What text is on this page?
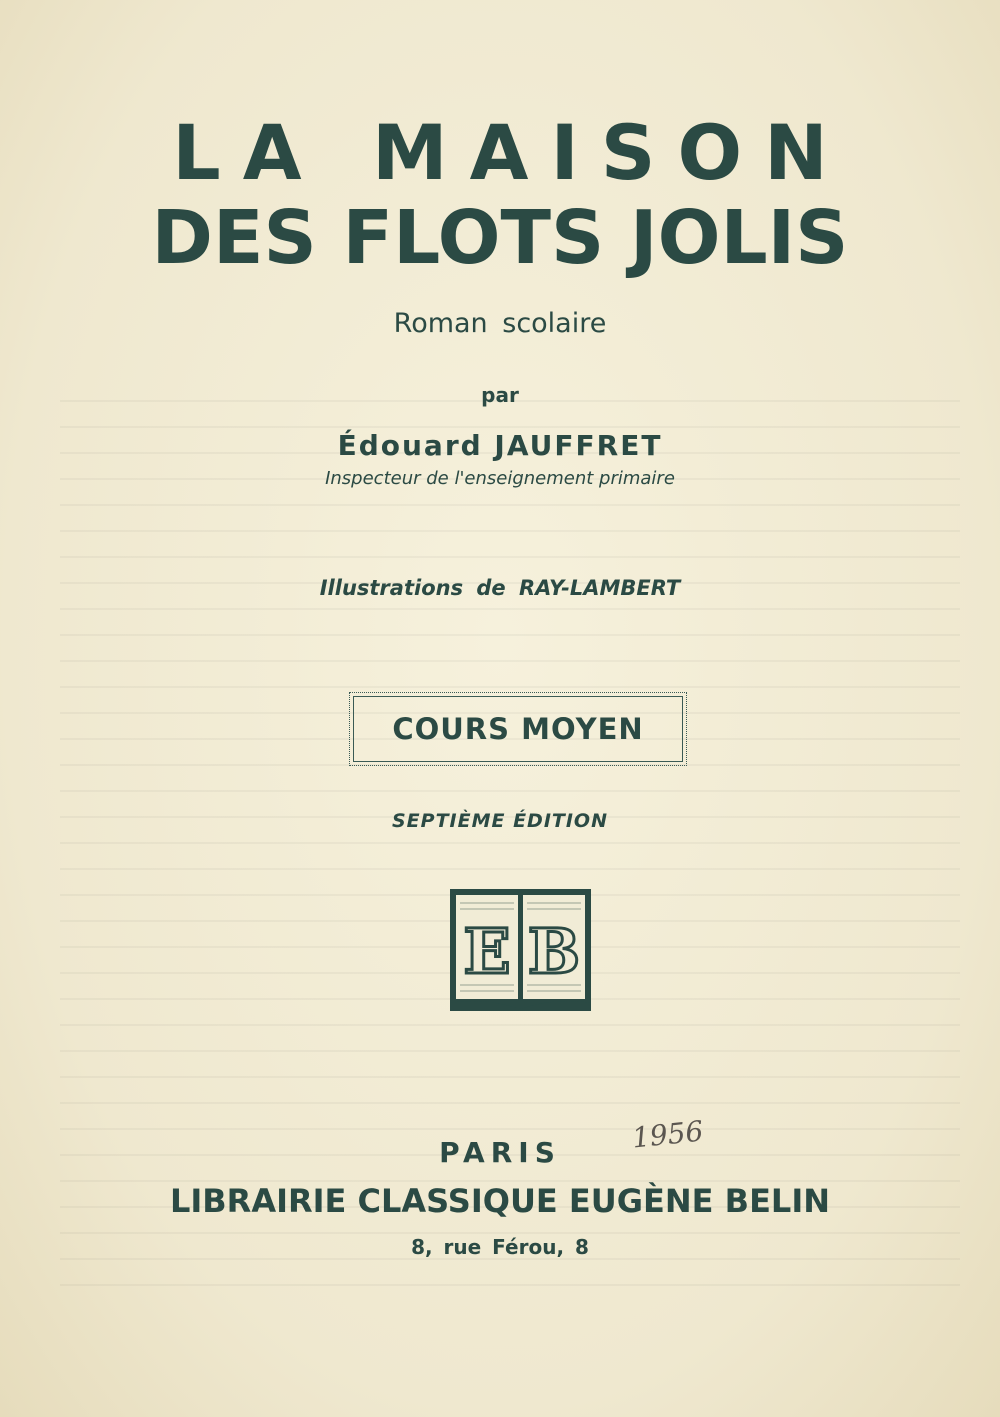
LA MAISON
DES FLOTS JOLIS
Roman scolaire
par
Édouard JAUFFRET
Inspecteur de l'enseignement primaire
Illustrations de RAY-LAMBERT
COURS MOYEN
SEPTIÈME ÉDITION
E B
1956
PARIS
LIBRAIRIE CLASSIQUE EUGÈNE BELIN
8, rue Férou, 8
